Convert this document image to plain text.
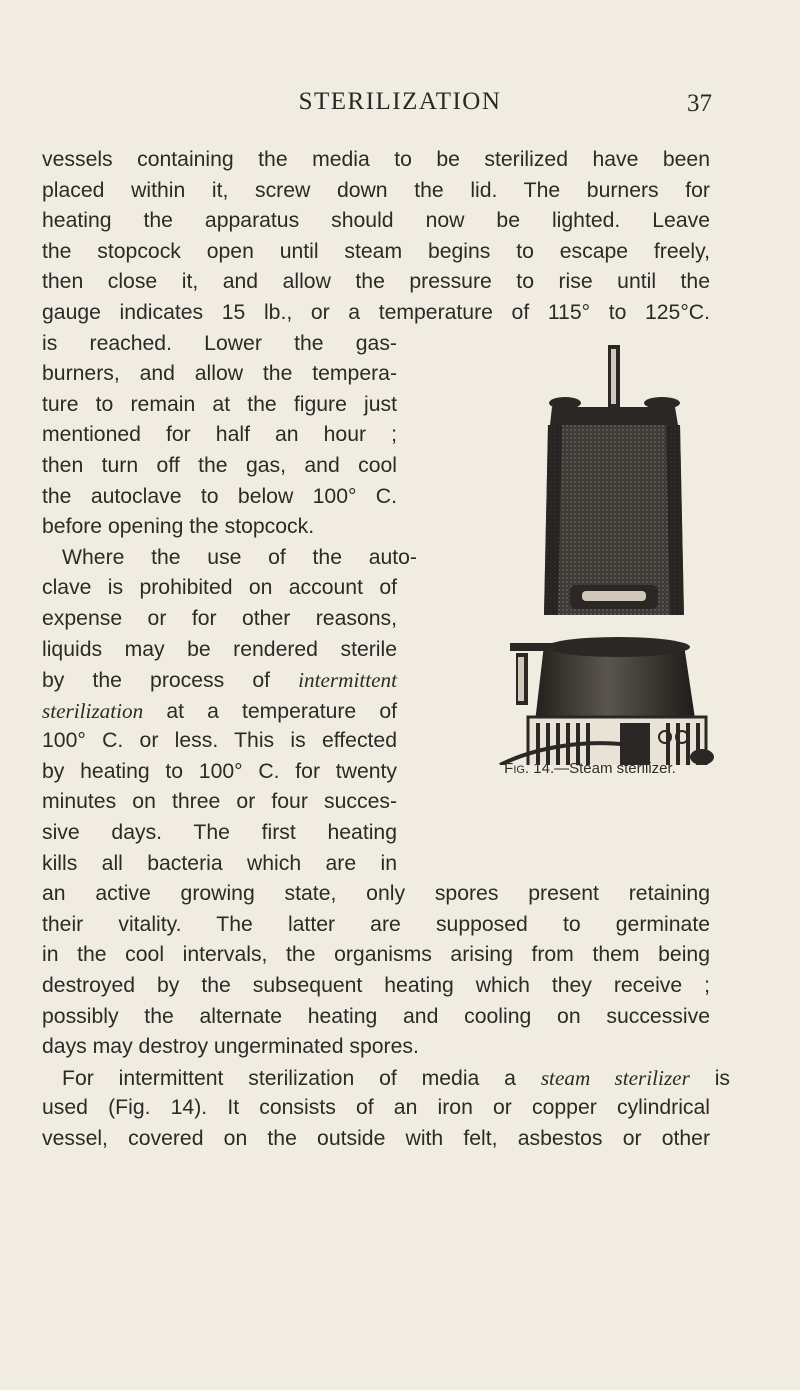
STERILIZATION	37
vessels containing the media to be sterilized have been
placed within it, screw down the lid. The burners for
heating the apparatus should now be lighted. Leave
the stopcock open until steam begins to escape freely,
then close it, and allow the pressure to rise until the
gauge indicates 15 lb., or a temperature of 115° to 125°C.
is reached. Lower the gas-
burners, and allow the tempera-
ture to remain at the figure just
mentioned for half an hour ;
then turn off the gas, and cool
the autoclave to below 100° C.
before opening the stopcock.
Where the use of the auto-
clave is prohibited on account of
expense or for other reasons,
liquids may be rendered sterile
by the process of intermittent
sterilization at a temperature of
100° C. or less. This is effected
by heating to 100° C. for twenty
minutes on three or four succes-
sive days. The first heating
kills all bacteria which are in
an active growing state, only spores present retaining
their vitality. The latter are supposed to germinate
in the cool intervals, the organisms arising from them being
destroyed by the subsequent heating which they receive ;
possibly the alternate heating and cooling on successive
days may destroy ungerminated spores.
For intermittent sterilization of media a steam sterilizer is
used (Fig. 14). It consists of an iron or copper cylindrical
vessel, covered on the outside with felt, asbestos or other
Fig. 14.—Steam sterilizer.
